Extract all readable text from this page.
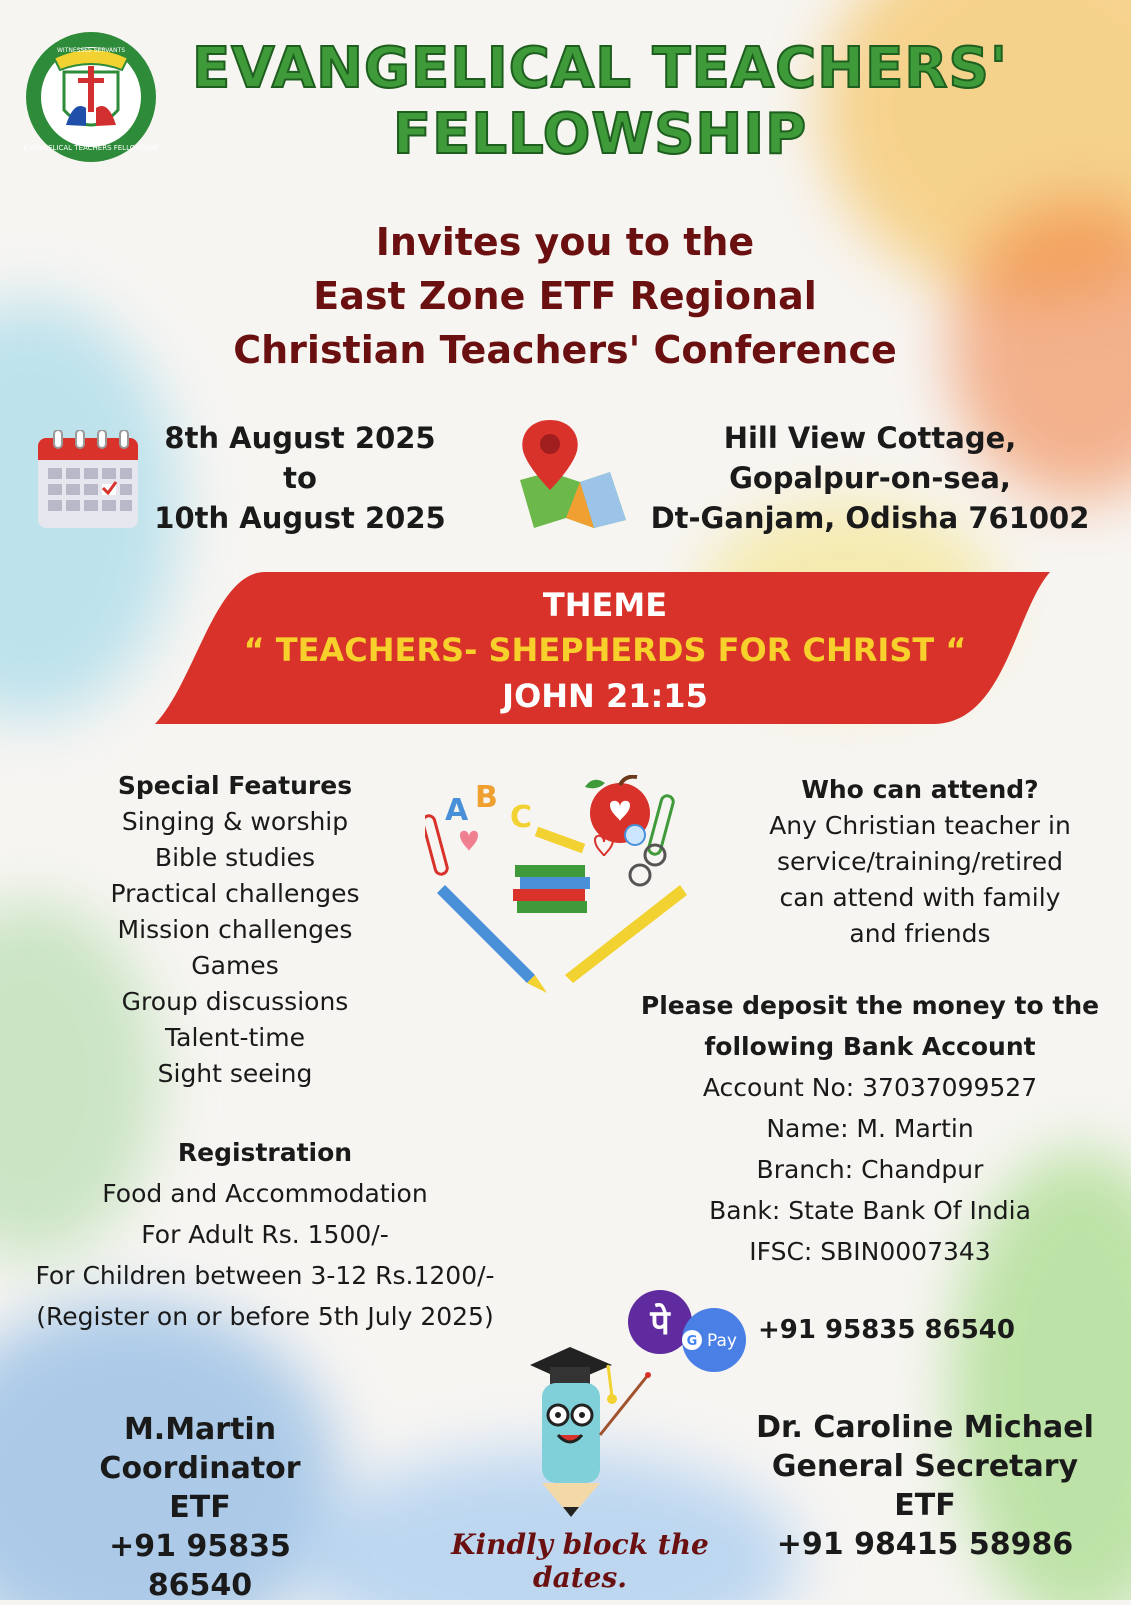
EVANGELICAL TEACHERS FELLOWSHIP
WITNESSES SERVANTS EVANGELICAL TEACHERS'
FELLOWSHIP
Invites you to the
East Zone ETF Regional
Christian Teachers' Conference
8th August 2025
to
10th August 2025
Hill View Cottage,
Gopalpur-on-sea,
Dt-Ganjam, Odisha 761002
THEME
“ TEACHERS- SHEPHERDS FOR CHRIST “
JOHN 21:15
Special Features
Singing & worship
Bible studies
Practical challenges
Mission challenges
Games
Group discussions
Talent-time
Sight seeing
A B
C
Who can attend?
Any Christian teacher in
service/training/retired
can attend with family
and friends
Please deposit the money to the
following Bank Account
Account No: 37037099527
Name: M. Martin
Branch: Chandpur
Bank: State Bank Of India
IFSC: SBIN0007343
Registration
Food and Accommodation
For Adult Rs. 1500/-
For Children between 3-12 Rs.1200/-
(Register on or before 5th July 2025)	पे G Pay +91 95835 86540
M.Martin
Coordinator
ETF
+91 95835 86540
Dr. Caroline Michael
General Secretary
ETF
+91 98415 58986
Kindly block the dates.
